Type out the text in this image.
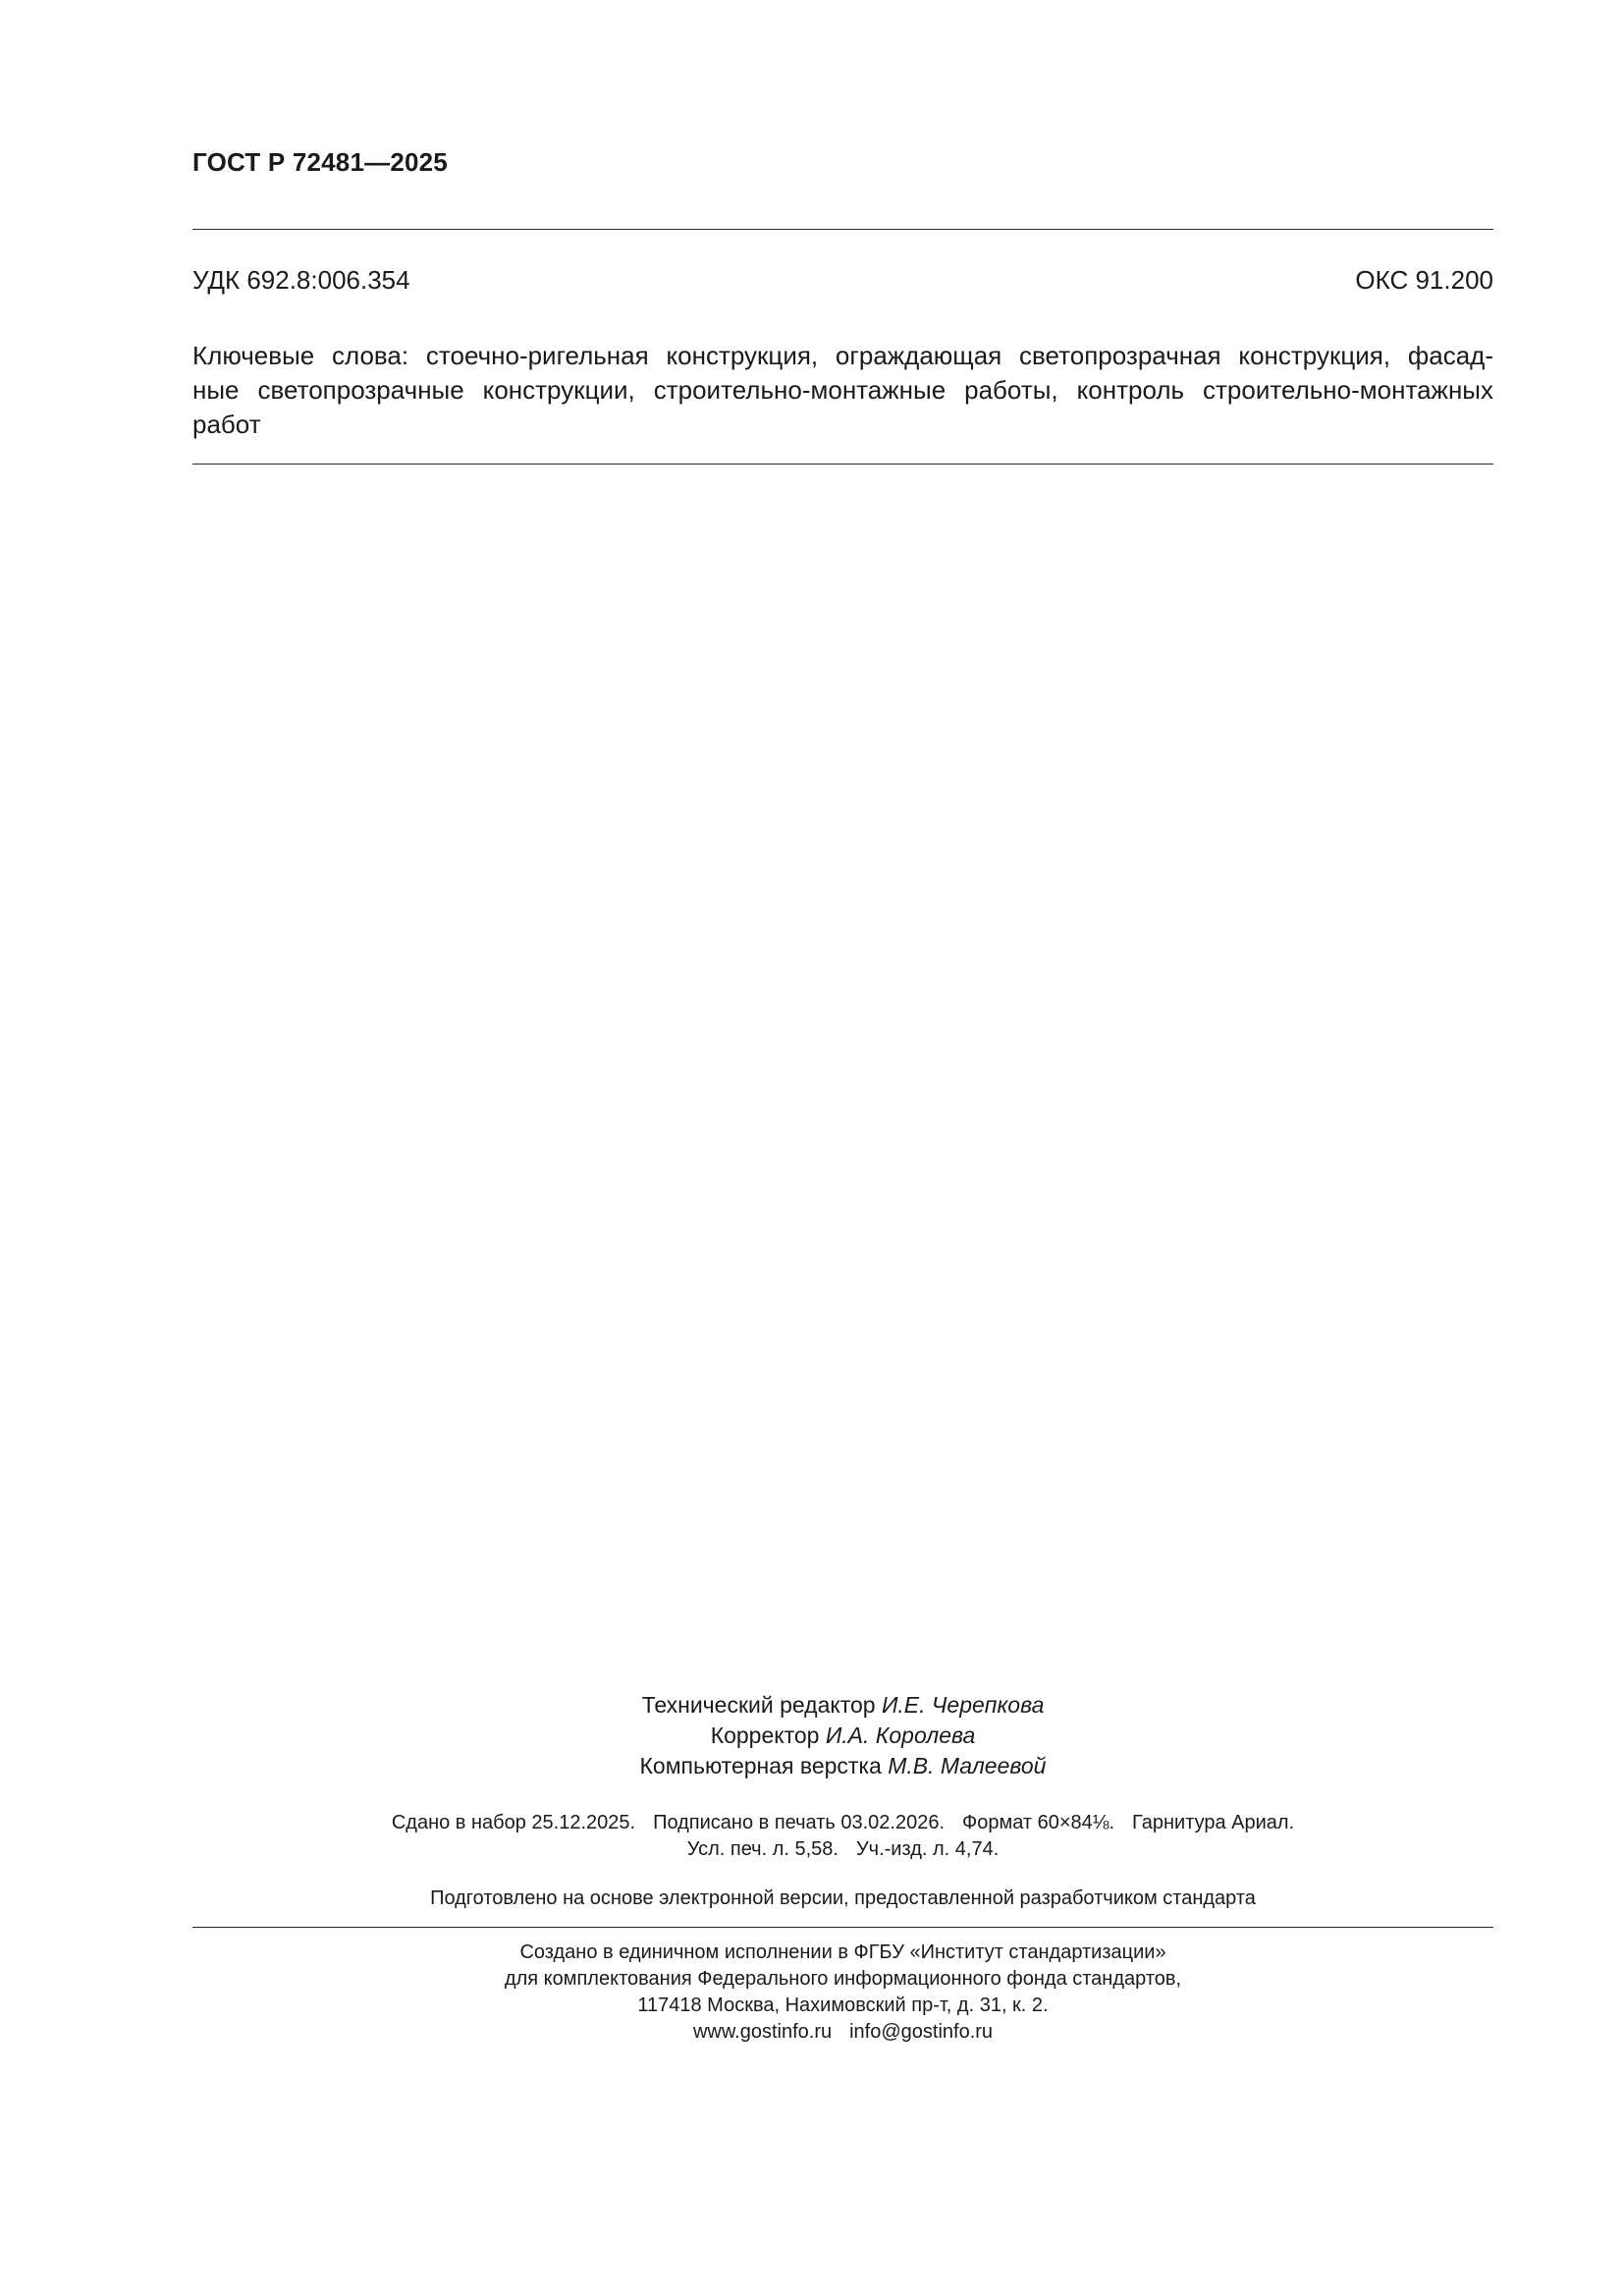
ГОСТ Р 72481—2025
УДК 692.8:006.354	ОКС 91.200
Ключевые слова: стоечно-ригельная конструкция, ограждающая светопрозрачная конструкция, фасад-
ные светопрозрачные конструкции, строительно-монтажные работы, контроль строительно-монтажных
работ
Технический редактор И.Е. Черепкова
Корректор И.А. Королева
Компьютерная верстка М.В. Малеевой
Сдано в набор 25.12.2025. Подписано в печать 03.02.2026. Формат 60×84⅛. Гарнитура Ариал.
Усл. печ. л. 5,58. Уч.-изд. л. 4,74.
Подготовлено на основе электронной версии, предоставленной разработчиком стандарта
Создано в единичном исполнении в ФГБУ «Институт стандартизации»
для комплектования Федерального информационного фонда стандартов,
117418 Москва, Нахимовский пр-т, д. 31, к. 2.
www.gostinfo.ru info@gostinfo.ru
